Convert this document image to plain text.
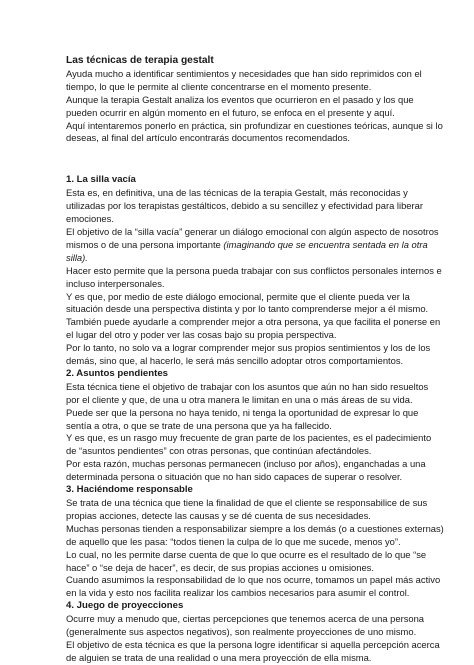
Las técnicas de terapia gestalt

Ayuda mucho a identificar sentimientos y necesidades que han sido reprimidos con el tiempo, lo que le permite al cliente concentrarse en el momento presente.

Aunque la terapia Gestalt analiza los eventos que ocurrieron en el pasado y los que pueden ocurrir en algún momento en el futuro, se enfoca en el presente y aquí.

Aquí intentaremos ponerlo en práctica, sin profundizar en cuestiones teóricas, aunque si lo deseas, al final del artículo encontrarás documentos recomendados.

1. La silla vacía

Esta es, en definitiva, una de las técnicas de la terapia Gestalt, más reconocidas y utilizadas por los terapistas gestálticos, debido a su sencillez y efectividad para liberar emociones.

El objetivo de la “silla vacía” generar un diálogo emocional con algún aspecto de nosotros mismos o de una persona importante (imaginando que se encuentra sentada en la otra silla).

Hacer esto permite que la persona pueda trabajar con sus conflictos personales internos e incluso interpersonales.

Y es que, por medio de este diálogo emocional, permite que el cliente pueda ver la situación desde una perspectiva distinta y por lo tanto comprenderse mejor a él mismo.

También puede ayudarle a comprender mejor a otra persona, ya que facilita el ponerse en el lugar del otro y poder ver las cosas bajo su propia perspectiva.

Por lo tanto, no solo va a lograr comprender mejor sus propios sentimientos y los de los demás, sino que, al hacerlo, le será más sencillo adoptar otros comportamientos.

2. Asuntos pendientes

Esta técnica tiene el objetivo de trabajar con los asuntos que aún no han sido resueltos por el cliente y que, de una u otra manera le limitan en una o más áreas de su vida.

Puede ser que la persona no haya tenido, ni tenga la oportunidad de expresar lo que sentía a otra, o que se trate de una persona que ya ha fallecido.

Y es que, es un rasgo muy frecuente de gran parte de los pacientes, es el padecimiento de “asuntos pendientes” con otras personas, que continúan afectándoles.

Por esta razón, muchas personas permanecen (incluso por años), enganchadas a una determinada persona o situación que no han sido capaces de superar o resolver.

3. Haciéndome responsable

Se trata de una técnica que tiene la finalidad de que el cliente se responsabilice de sus propias acciones, detecte las causas y se dé cuenta de sus necesidades.

Muchas personas tienden a responsabilizar siempre a los demás (o a cuestiones externas) de aquello que les pasa: “todos tienen la culpa de lo que me sucede, menos yo”.

Lo cual, no les permite darse cuenta de que lo que ocurre es el resultado de lo que “se hace” o “se deja de hacer”, es decir, de sus propias acciones u omisiones.

Cuando asumimos la responsabilidad de lo que nos ocurre, tomamos un papel más activo en la vida y esto nos facilita realizar los cambios necesarios para asumir el control.

4. Juego de proyecciones

Ocurre muy a menudo que, ciertas percepciones que tenemos acerca de una persona (generalmente sus aspectos negativos), son realmente proyecciones de uno mismo.

El objetivo de esta técnica es que la persona logre identificar si aquella percepción acerca de alguien se trata de una realidad o una mera proyección de ella misma.
